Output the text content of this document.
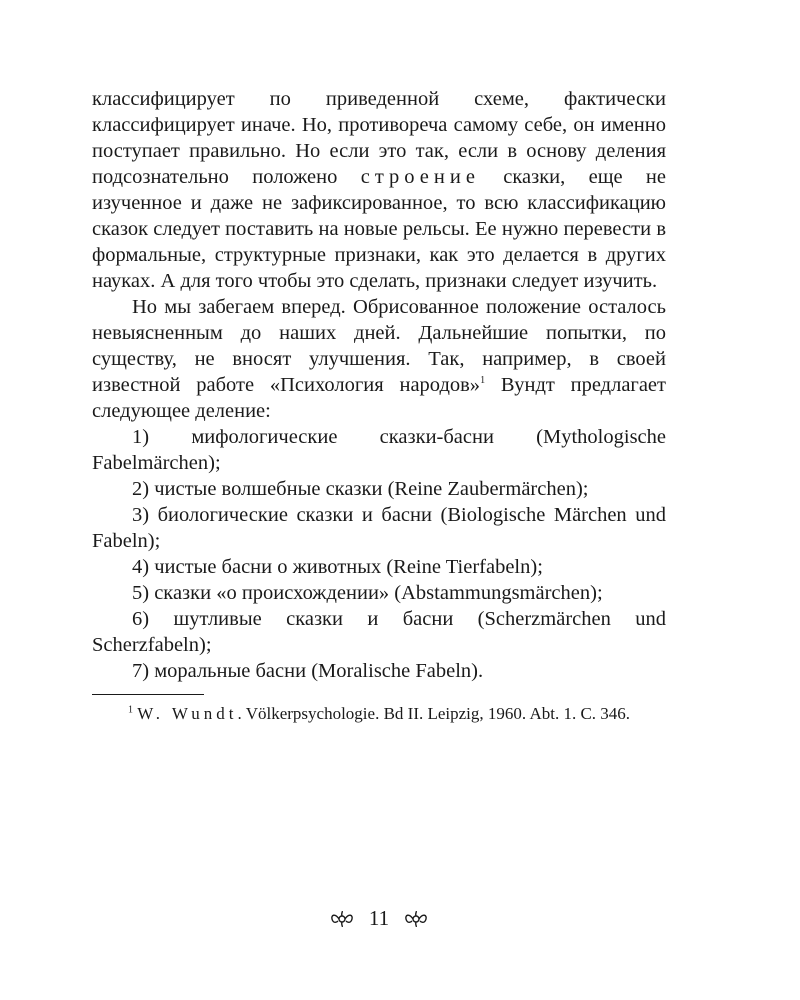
классифицирует по приведенной схеме, фактически классифицирует иначе. Но, противореча самому себе, он именно поступает правильно. Но если это так, если в основу деления подсознательно положено строение сказки, еще не изученное и даже не зафиксированное, то всю классификацию сказок следует поставить на новые рельсы. Ее нужно перевести в формальные, структурные признаки, как это делается в других науках. А для того чтобы это сделать, признаки следует изучить.

Но мы забегаем вперед. Обрисованное положение осталось невыясненным до наших дней. Дальнейшие попытки, по существу, не вносят улучшения. Так, например, в своей известной работе «Психология народов»$^1$ Вундт предлагает следующее деление:

1) мифологические сказки-басни (Mythologische Fabelmärchen);
2) чистые волшебные сказки (Reine Zaubermärchen);
3) биологические сказки и басни (Biologische Märchen und Fabeln);
4) чистые басни о животных (Reine Tierfabeln);
5) сказки «о происхождении» (Abstammungsmärchen);
6) шутливые сказки и басни (Scherzmärchen und Scherzfabeln);
7) моральные басни (Moralische Fabeln).

$^1$ W. Wundt. Völkerpsychologie. Bd II. Leipzig, 1960. Abt. 1. С. 346.

11
